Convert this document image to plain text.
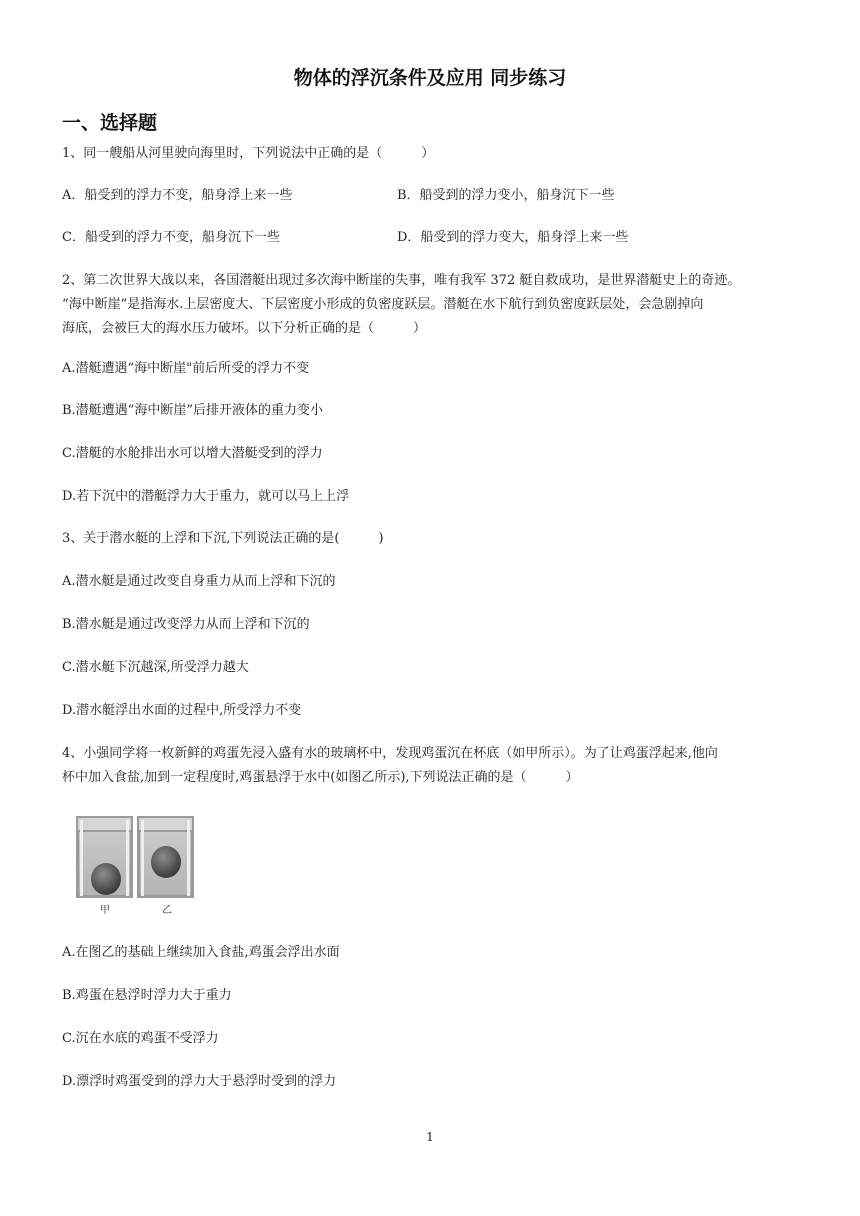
物体的浮沉条件及应用 同步练习
一、选择题
1、同一艘船从河里驶向海里时，下列说法中正确的是（　　　）
A．船受到的浮力不变，船身浮上来一些	B．船受到的浮力变小，船身沉下一些
C．船受到的浮力不变，船身沉下一些	D．船受到的浮力变大，船身浮上来一些
2、第二次世界大战以来，各国潜艇出现过多次海中断崖的失事，唯有我军 372 艇自救成功，是世界潜艇史上的奇迹。
“海中断崖”是指海水.上层密度大、下层密度小形成的负密度跃层。潜艇在水下航行到负密度跃层处，会急剧掉向
海底，会被巨大的海水压力破坏。以下分析正确的是（　　　）
A.潜艇遭遇“海中断崖"前后所受的浮力不变
B.潜艇遭遇“海中断崖”后排开液体的重力变小
C.潜艇的水舱排出水可以增大潜艇受到的浮力
D.若下沉中的潜艇浮力大于重力，就可以马上上浮
3、关于潜水艇的上浮和下沉,下列说法正确的是(　　　)
A.潜水艇是通过改变自身重力从而上浮和下沉的
B.潜水艇是通过改变浮力从而上浮和下沉的
C.潜水艇下沉越深,所受浮力越大
D.潜水艇浮出水面的过程中,所受浮力不变
4、小强同学将一枚新鲜的鸡蛋先浸入盛有水的玻璃杯中，发现鸡蛋沉在杯底（如甲所示）。为了让鸡蛋浮起来,他向
杯中加入食盐,加到一定程度时,鸡蛋悬浮于水中(如图乙所示),下列说法正确的是（　　　）
甲	乙
A.在图乙的基础上继续加入食盐,鸡蛋会浮出水面
B.鸡蛋在悬浮时浮力大于重力
C.沉在水底的鸡蛋不受浮力
D.漂浮时鸡蛋受到的浮力大于悬浮时受到的浮力
1
